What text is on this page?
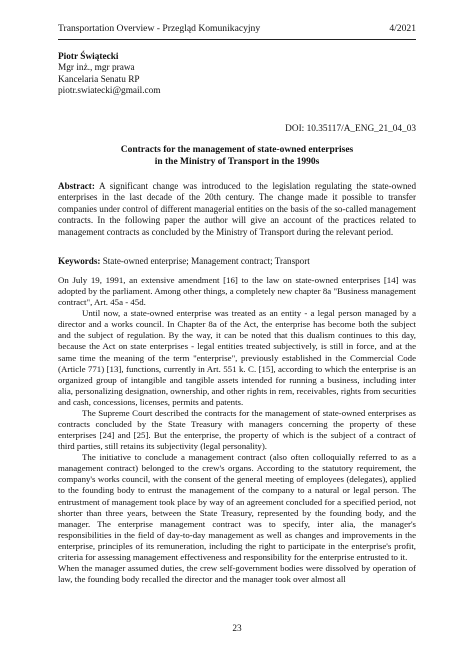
Transportation Overview - Przegląd Komunikacyjny	4/2021
Piotr Świątecki
Mgr inż., mgr prawa
Kancelaria Senatu RP
piotr.swiatecki@gmail.com
DOI: 10.35117/A_ENG_21_04_03
Contracts for the management of state-owned enterprises
in the Ministry of Transport in the 1990s
Abstract: A significant change was introduced to the legislation regulating the state-owned enterprises in the last decade of the 20th century. The change made it possible to transfer companies under control of different managerial entities on the basis of the so-called management contracts. In the following paper the author will give an account of the practices related to management contracts as concluded by the Ministry of Transport during the relevant period.
Keywords: State-owned enterprise; Management contract; Transport

On July 19, 1991, an extensive amendment [16] to the law on state-owned enterprises [14] was adopted by the parliament. Among other things, a completely new chapter 8a "Business management contract", Art. 45a - 45d.

Until now, a state-owned enterprise was treated as an entity - a legal person managed by a director and a works council. In Chapter 8a of the Act, the enterprise has become both the subject and the subject of regulation. By the way, it can be noted that this dualism continues to this day, because the Act on state enterprises - legal entities treated subjectively, is still in force, and at the same time the meaning of the term "enterprise", previously established in the Commercial Code (Article 771) [13], functions, currently in Art. 551 k. C. [15], according to which the enterprise is an organized group of intangible and tangible assets intended for running a business, including inter alia, personalizing designation, ownership, and other rights in rem, receivables, rights from securities and cash, concessions, licenses, permits and patents.

The Supreme Court described the contracts for the management of state-owned enterprises as contracts concluded by the State Treasury with managers concerning the property of these enterprises [24] and [25]. But the enterprise, the property of which is the subject of a contract of third parties, still retains its subjectivity (legal personality).

The initiative to conclude a management contract (also often colloquially referred to as a management contract) belonged to the crew's organs. According to the statutory requirement, the company's works council, with the consent of the general meeting of employees (delegates), applied to the founding body to entrust the management of the company to a natural or legal person. The entrustment of management took place by way of an agreement concluded for a specified period, not shorter than three years, between the State Treasury, represented by the founding body, and the manager. The enterprise management contract was to specify, inter alia, the manager's responsibilities in the field of day-to-day management as well as changes and improvements in the enterprise, principles of its remuneration, including the right to participate in the enterprise's profit, criteria for assessing management effectiveness and responsibility for the enterprise entrusted to it.

When the manager assumed duties, the crew self-government bodies were dissolved by operation of law, the founding body recalled the director and the manager took over almost all

23
